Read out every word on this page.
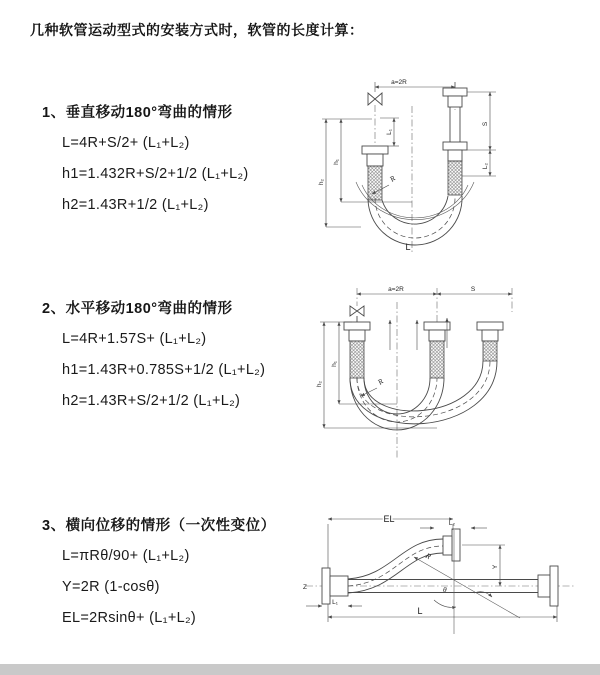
几种软管运动型式的安装方式时，软管的长度计算：
1、垂直移动180°弯曲的情形
L=4R+S/2+ (L₁+L₂)
h1=1.432R+S/2+1/2 (L₁+L₂)
h2=1.43R+1/2 (L₁+L₂)
2、水平移动180°弯曲的情形
L=4R+1.57S+ (L₁+L₂)
h1=1.43R+0.785S+1/2 (L₁+L₂)
h2=1.43R+S/2+1/2 (L₁+L₂)
3、横向位移的情形（一次性变位）
L=πRθ/90+ (L₁+L₂)
Y=2R (1-cosθ)
EL=2Rsinθ+ (L₁+L₂)
a=2R
S
L₂
L₁
h₁
h₂	R
L
a=2R	S
h₁
h₂	R
Z
EL	L₂
Y
R
θ
L
L₁
